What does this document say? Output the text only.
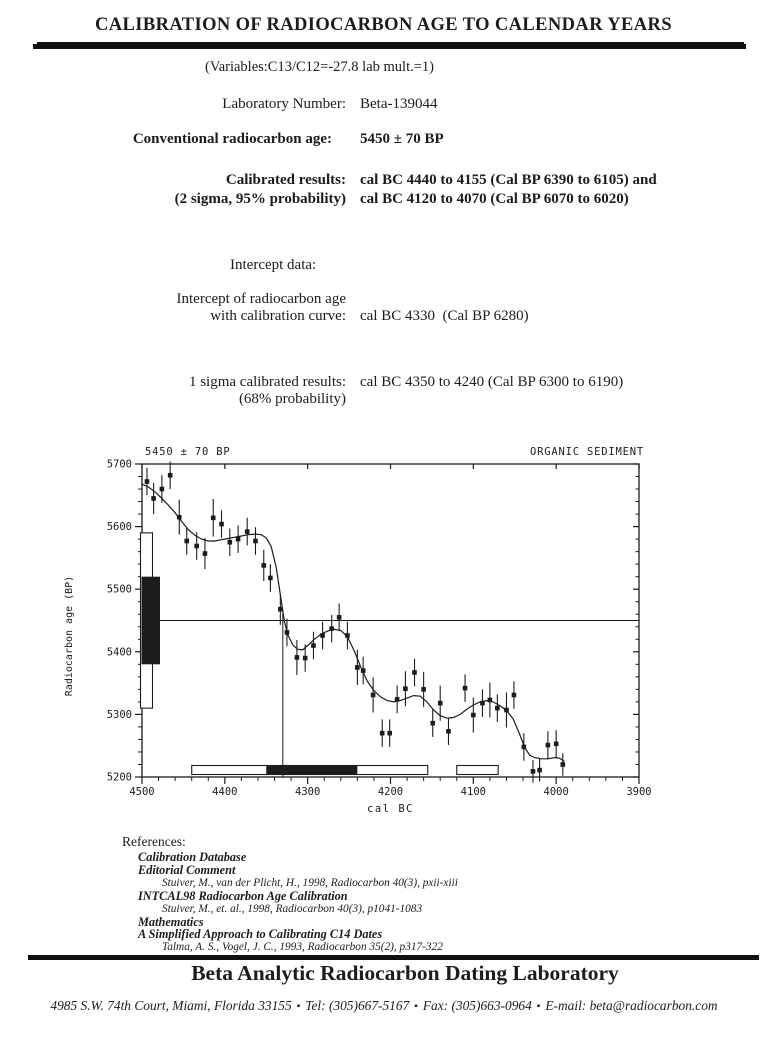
CALIBRATION OF RADIOCARBON AGE TO CALENDAR YEARS
(Variables:C13/C12=-27.8 lab mult.=1)
Laboratory Number: Beta-139044
Conventional radiocarbon age: 5450 ± 70 BP
Calibrated results:
(2 sigma, 95% probability)
cal BC 4440 to 4155 (Cal BP 6390 to 6105) and
cal BC 4120 to 4070 (Cal BP 6070 to 6020)
Intercept data:
Intercept of radiocarbon age
with calibration curve: cal BC 4330  (Cal BP 6280)
1 sigma calibrated results:
(68% probability)
cal BC 4350 to 4240 (Cal BP 6300 to 6190)
4500	4400	4300	4200	4100	4000	3900
5200
5300
5400
5500
5600
5700
5450 ± 70 BP	ORGANIC SEDIMENT
cal BC
Radiocarbon age (BP)
References:
Calibration Database
Editorial Comment
Stuiver, M., van der Plicht, H., 1998, Radiocarbon 40(3), pxii-xiii
INTCAL98 Radiocarbon Age Calibration
Stuiver, M., et. al., 1998, Radiocarbon 40(3), p1041-1083
Mathematics
A Simplified Approach to Calibrating C14 Dates
Talma, A. S., Vogel, J. C., 1993, Radiocarbon 35(2), p317-322
Beta Analytic Radiocarbon Dating Laboratory
4985 S.W. 74th Court, Miami, Florida 33155 ▪ Tel: (305)667-5167 ▪ Fax: (305)663-0964 ▪ E-mail: beta@radiocarbon.com
